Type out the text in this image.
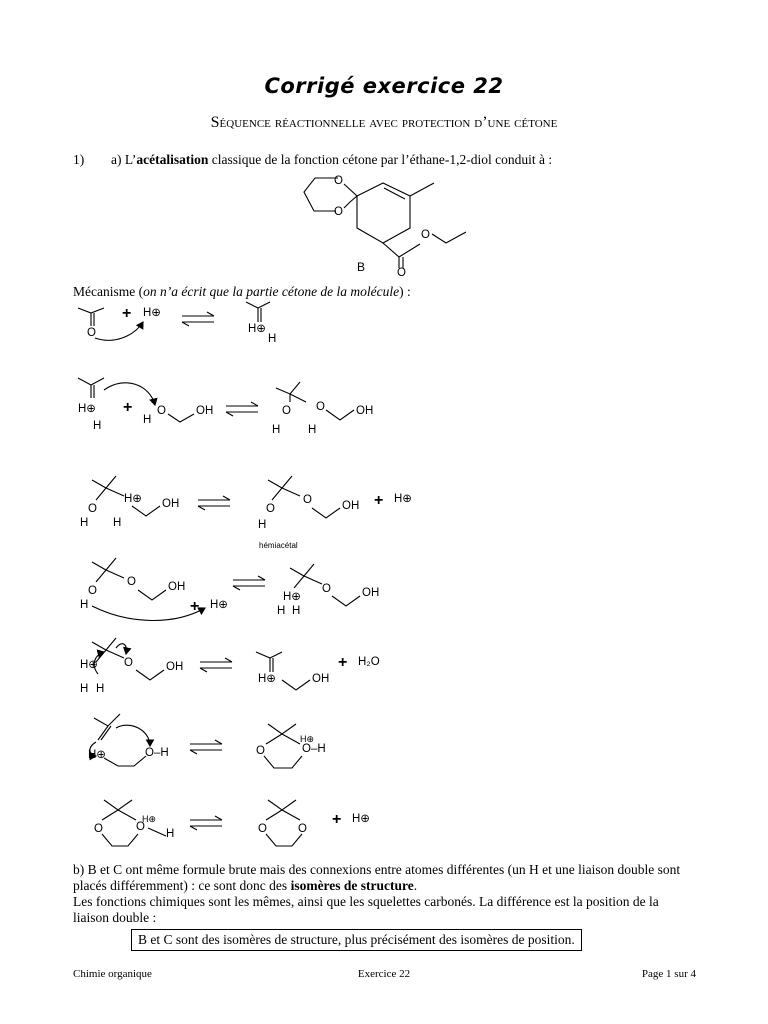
Corrigé exercice 22
Séquence réactionnelle avec protection d’une cétone
1) a) L’acétalisation classique de la fonction cétone par l’éthane-1,2-diol conduit à :
Mécanisme (on n’a écrit que la partie cétone de la molécule) :
O
O
O
O
B
O
+ H⊕
H⊕
H
H⊕
H
+
H
O	OH	O
H
O
H
OH
O
H
H⊕
H
OH	O
H
O	OH + H⊕
hémiacétal
O
H
O	OH
+ H⊕
H⊕
H H
O	OH
H⊕
H H
O	OH
H⊕	OH
+ H₂O
H⊕	O–H	O
H⊕
O–H
O	O
H⊕
H	O	O
+ H⊕
b) B et C ont même formule brute mais des connexions entre atomes différentes (un H et une liaison double sont placés différemment) : ce sont donc des isomères de structure.
Les fonctions chimiques sont les mêmes, ainsi que les squelettes carbonés. La différence est la position de la liaison double :
B et C sont des isomères de structure, plus précisément des isomères de position.
Chimie organique	Exercice 22	Page 1 sur 4
